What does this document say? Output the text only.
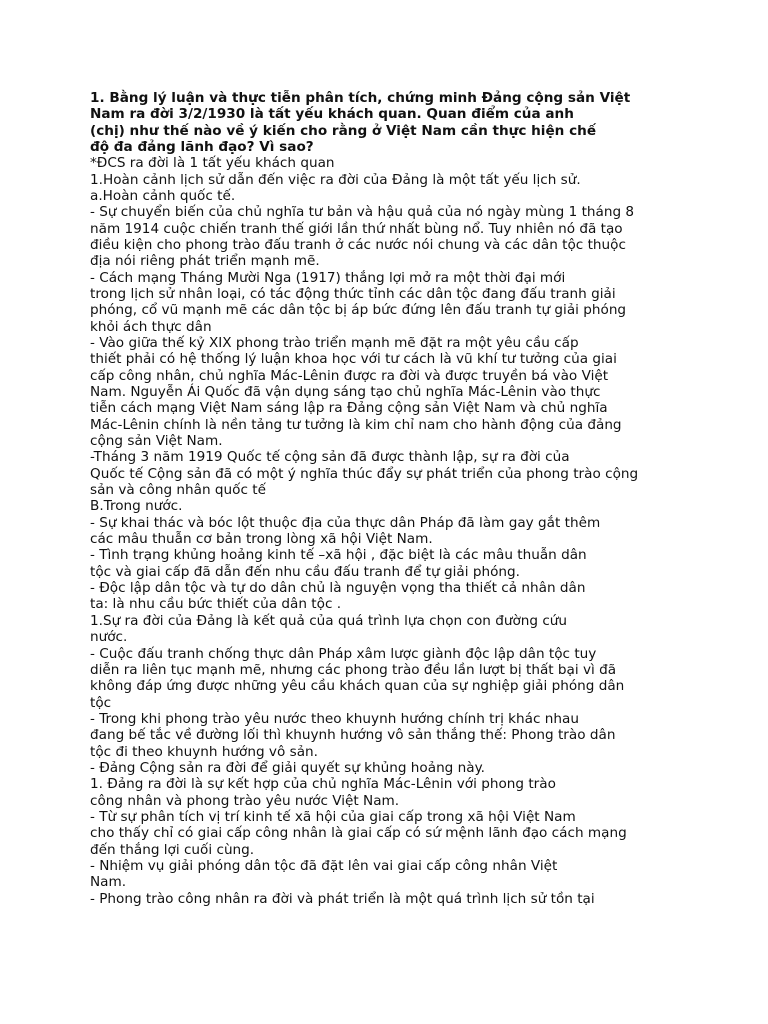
1. Bằng lý luận và thực tiễn phân tích, chứng minh Đảng cộng sản Việt

Nam ra đời 3/2/1930 là tất yếu khách quan. Quan điểm của anh

(chị) như thế nào về ý kiến cho rằng ở Việt Nam cần thực hiện chế

độ đa đảng lãnh đạo? Vì sao?

*ĐCS ra đời là 1 tất yếu khách quan

1.Hoàn cảnh lịch sử dẫn đến việc ra đời của Đảng là một tất yếu lịch sử.

a.Hoàn cảnh quốc tế.

- Sự chuyển biến của chủ nghĩa tư bản và hậu quả của nó ngày mùng 1 tháng 8

năm 1914 cuộc chiến tranh thế giới lần thứ nhất bùng nổ. Tuy nhiên nó đã tạo

điều kiện cho phong trào đấu tranh ở các nước nói chung và các dân tộc thuộc

địa nói riêng phát triển mạnh mẽ.

- Cách mạng Tháng Mười Nga (1917) thắng lợi mở ra một thời đại mới

trong lịch sử nhân loại, có tác động thức tỉnh các dân tộc đang đấu tranh giải

phóng, cổ vũ mạnh mẽ các dân tộc bị áp bức đứng lên đấu tranh tự giải phóng

khỏi ách thực dân

- Vào giữa thế kỷ XIX phong trào triển mạnh mẽ đặt ra một yêu cầu cấp

thiết phải có hệ thống lý luận khoa học với tư cách là vũ khí tư tưởng của giai

cấp công nhân, chủ nghĩa Mác-Lênin được ra đời và được truyền bá vào Việt

Nam. Nguyễn Ái Quốc đã vận dụng sáng tạo chủ nghĩa Mác-Lênin vào thực

tiễn cách mạng Việt Nam sáng lập ra Đảng cộng sản Việt Nam và chủ nghĩa

Mác-Lênin chính là nền tảng tư tưởng là kim chỉ nam cho hành động của đảng

cộng sản Việt Nam.

-Tháng 3 năm 1919 Quốc tế cộng sản đã được thành lập, sự ra đời của

Quốc tế Cộng sản đã có một ý nghĩa thúc đẩy sự phát triển của phong trào cộng

sản và công nhân quốc tế

B.Trong nước.

- Sự khai thác và bóc lột thuộc địa của thực dân Pháp đã làm gay gắt thêm

các mâu thuẫn cơ bản trong lòng xã hội Việt Nam.

- Tình trạng khủng hoảng kinh tế –xã hội , đặc biệt là các mâu thuẫn dân

tộc và giai cấp đã dẫn đến nhu cầu đấu tranh để tự giải phóng.

- Độc lập dân tộc và tự do dân chủ là nguyện vọng tha thiết cả nhân dân

ta: là nhu cầu bức thiết của dân tộc .

1.Sự ra đời của Đảng là kết quả của quá trình lựa chọn con đường cứu

nước.

- Cuộc đấu tranh chống thực dân Pháp xâm lược giành độc lập dân tộc tuy

diễn ra liên tục mạnh mẽ, nhưng các phong trào đều lần lượt bị thất bại vì đã

không đáp ứng được những yêu cầu khách quan của sự nghiệp giải phóng dân

tộc

- Trong khi phong trào yêu nước theo khuynh hướng chính trị khác nhau

đang bế tắc về đường lối thì khuynh hướng vô sản thắng thế: Phong trào dân

tộc đi theo khuynh hướng vô sản.

- Đảng Cộng sản ra đời để giải quyết sự khủng hoảng này.

1. Đảng ra đời là sự kết hợp của chủ nghĩa Mác-Lênin với phong trào

công nhân và phong trào yêu nước Việt Nam.

- Từ sự phân tích vị trí kinh tế xã hội của giai cấp trong xã hội Việt Nam

cho thấy chỉ có giai cấp công nhân là giai cấp có sứ mệnh lãnh đạo cách mạng

đến thắng lợi cuối cùng.

- Nhiệm vụ giải phóng dân tộc đã đặt lên vai giai cấp công nhân Việt

Nam.

- Phong trào công nhân ra đời và phát triển là một quá trình lịch sử tồn tại
